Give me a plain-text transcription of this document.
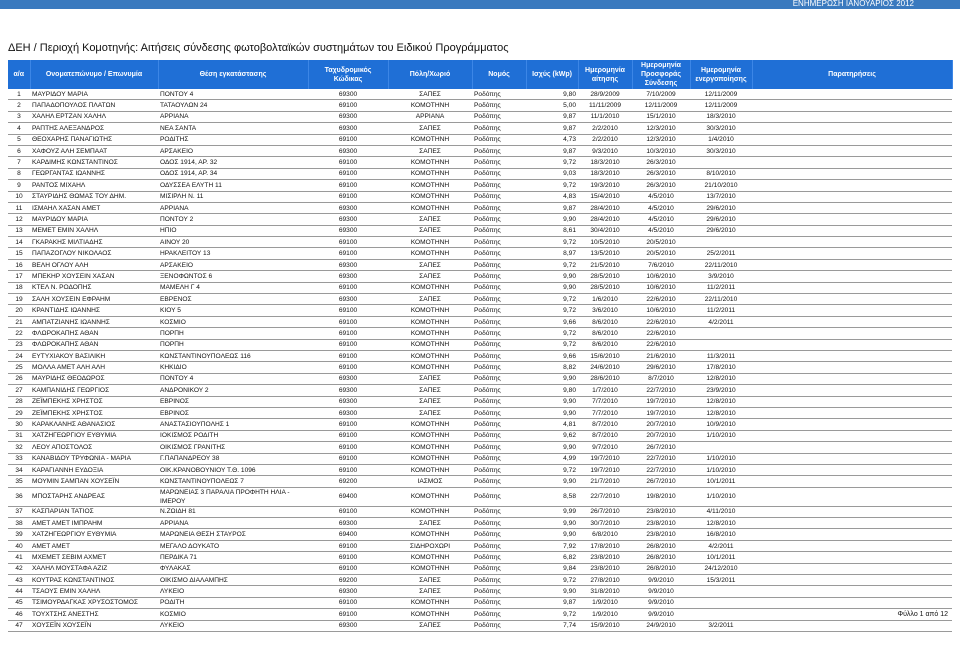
ΕΝΗΜΕΡΩΣΗ ΙΑΝΟΥΑΡΙΟΣ 2012
ΔΕΗ / Περιοχή Κομοτηνής: Αιτήσεις σύνδεσης φωτοβολταϊκών συστημάτων του Ειδικού Προγράμματος
α/α	Ονοματεπώνυμο / Επωνυμία	Θέση εγκατάστασης	Ταχυδρομικός Κώδικας	Πόλη/Χωριό	Νομός	Ισχύς (kWp)	Ημερομηνία αίτησης	Ημερομηνία Προσφοράς Σύνδεσης	Ημερομηνία ενεργοποίησης	Παρατηρήσεις
1	ΜΑΥΡΙΔΟΥ ΜΑΡΙΑ	ΠΟΝΤΟΥ 4	69300	ΣΑΠΕΣ	Ροδόπης	9,80	28/9/2009	7/10/2009	12/11/2009	
2	ΠΑΠΑΔΟΠΟΥΛΟΣ ΠΛΑΤΩΝ	ΤΑΤΑΟΥΛΩΝ 24	69100	ΚΟΜΟΤΗΝΗ	Ροδόπης	5,00	11/11/2009	12/11/2009	12/11/2009	
3	ΧΑΛΗΛ ΕΡΤΖΑΝ ΧΑΛΗΛ	ΑΡΡΙΑΝΑ	69300	ΑΡΡΙΑΝΑ	Ροδόπης	9,87	11/1/2010	15/1/2010	18/3/2010	
4	ΡΑΠΤΗΣ ΑΛΕΞΑΝΔΡΟΣ	ΝΕΑ ΣΑΝΤΑ	69300	ΣΑΠΕΣ	Ροδόπης	9,87	2/2/2010	12/3/2010	30/3/2010	
5	ΘΕΟΧΑΡΗΣ ΠΑΝΑΓΙΩΤΗΣ	ΡΟΔΙΤΗΣ	69100	ΚΟΜΟΤΗΝΗ	Ροδόπης	4,73	2/2/2010	12/3/2010	1/4/2010	
6	ΧΑΦΟΥΖ ΑΛΗ ΣΕΜΠΑΑΤ	ΑΡΣΑΚΕΙΟ	69300	ΣΑΠΕΣ	Ροδόπης	9,87	9/3/2010	10/3/2010	30/3/2010	
7	ΚΑΡΔΙΜΗΣ ΚΩΝΣΤΑΝΤΙΝΟΣ	ΟΔΟΣ 1914, ΑΡ. 32	69100	ΚΟΜΟΤΗΝΗ	Ροδόπης	9,72	18/3/2010	26/3/2010		
8	ΓΕΩΡΓΑΝΤΑΣ ΙΩΑΝΝΗΣ	ΟΔΟΣ 1914, ΑΡ. 34	69100	ΚΟΜΟΤΗΝΗ	Ροδόπης	9,03	18/3/2010	26/3/2010	8/10/2010	
9	ΡΑΝΤΟΣ ΜΙΧΑΗΛ	ΟΔΥΣΣΕΑ ΕΛΥΤΗ 11	69100	ΚΟΜΟΤΗΝΗ	Ροδόπης	9,72	19/3/2010	26/3/2010	21/10/2010	
10	ΣΤΑΥΡΙΔΗΣ ΘΩΜΑΣ ΤΟΥ ΔΗΜ.	ΜΙΣΙΡΛΗ Ν. 11	69100	ΚΟΜΟΤΗΝΗ	Ροδόπης	4,83	15/4/2010	4/5/2010	13/7/2010	
11	ΙΣΜΑΗΛ ΧΑΣΑΝ ΑΜΕΤ	ΑΡΡΙΑΝΑ	69300	ΚΟΜΟΤΗΝΗ	Ροδόπης	9,87	28/4/2010	4/5/2010	29/6/2010	
12	ΜΑΥΡΙΔΟΥ ΜΑΡΙΑ	ΠΟΝΤΟΥ 2	69300	ΣΑΠΕΣ	Ροδόπης	9,90	28/4/2010	4/5/2010	29/6/2010	
13	ΜΕΜΕΤ ΕΜΙΝ ΧΑΛΗΛ	ΗΠΙΟ	69300	ΣΑΠΕΣ	Ροδόπης	8,61	30/4/2010	4/5/2010	29/6/2010	
14	ΓΚΑΡΑΚΗΣ ΜΙΛΤΙΑΔΗΣ	ΑΙΝΟΥ 20	69100	ΚΟΜΟΤΗΝΗ	Ροδόπης	9,72	10/5/2010	20/5/2010		
15	ΠΑΠΑΖΟΓΛΟΥ ΝΙΚΟΛΑΟΣ	ΗΡΑΚΛΕΙΤΟΥ 13	69100	ΚΟΜΟΤΗΝΗ	Ροδόπης	8,97	13/5/2010	20/5/2010	25/2/2011	
16	ΒΕΛΗ ΟΓΛΟΥ ΑΛΗ	ΑΡΣΑΚΕΙΟ	69300	ΣΑΠΕΣ	Ροδόπης	9,72	21/5/2010	7/6/2010	22/11/2010	
17	ΜΠΕΚΗΡ ΧΟΥΣΕΙΝ ΧΑΣΑΝ	ΞΕΝΟΦΩΝΤΟΣ 6	69300	ΣΑΠΕΣ	Ροδόπης	9,90	28/5/2010	10/6/2010	3/9/2010	
18	ΚΤΕΛ Ν. ΡΟΔΟΠΗΣ	ΜΑΜΕΛΗ Γ 4	69100	ΚΟΜΟΤΗΝΗ	Ροδόπης	9,90	28/5/2010	10/6/2010	11/2/2011	
19	ΣΑΛΗ ΧΟΥΣΕΙΝ ΕΦΡΑΗΜ	ΕΒΡΕΝΟΣ	69300	ΣΑΠΕΣ	Ροδόπης	9,72	1/6/2010	22/6/2010	22/11/2010	
20	ΚΡΑΝΤΙΔΗΣ ΙΩΑΝΝΗΣ	ΚΙΟΥ 5	69100	ΚΟΜΟΤΗΝΗ	Ροδόπης	9,72	3/6/2010	10/6/2010	11/2/2011	
21	ΑΜΠΑΤΖΙΑΝΗΣ ΙΩΑΝΝΗΣ	ΚΟΣΜΙΟ	69100	ΚΟΜΟΤΗΝΗ	Ροδόπης	9,66	8/6/2010	22/6/2010	4/2/2011	
22	ΦΛΩΡΟΚΑΠΗΣ ΑΘΑΝ	ΠΟΡΠΗ	69100	ΚΟΜΟΤΗΝΗ	Ροδόπης	9,72	8/6/2010	22/6/2010		
23	ΦΛΩΡΟΚΑΠΗΣ ΑΘΑΝ	ΠΟΡΠΗ	69100	ΚΟΜΟΤΗΝΗ	Ροδόπης	9,72	8/6/2010	22/6/2010		
24	ΕΥΤΥΧΙΑΚΟΥ ΒΑΣΙΛΙΚΗ	ΚΩΝΣΤΑΝΤΙΝΟΥΠΟΛΕΩΣ 116	69100	ΚΟΜΟΤΗΝΗ	Ροδόπης	9,66	15/6/2010	21/6/2010	11/3/2011	
25	ΜΟΛΛΑ ΑΜΕΤ ΑΛΗ ΑΛΗ	ΚΗΚΙΔΙΟ	69100	ΚΟΜΟΤΗΝΗ	Ροδόπης	8,82	24/6/2010	29/6/2010	17/8/2010	
26	ΜΑΥΡΙΔΗΣ ΘΕΟΔΩΡΟΣ	ΠΟΝΤΟΥ 4	69300	ΣΑΠΕΣ	Ροδόπης	9,90	28/6/2010	8/7/2010	12/8/2010	
27	ΚΑΜΠΑΝΙΔΗΣ ΓΕΩΡΓΙΟΣ	ΑΝΔΡΟΝΙΚΟΥ 2	69300	ΣΑΠΕΣ	Ροδόπης	9,80	1/7/2010	22/7/2010	23/9/2010	
28	ΖΕΪΜΠΕΚΗΣ ΧΡΗΣΤΟΣ	ΕΒΡΙΝΟΣ	69300	ΣΑΠΕΣ	Ροδόπης	9,90	7/7/2010	19/7/2010	12/8/2010	
29	ΖΕΪΜΠΕΚΗΣ ΧΡΗΣΤΟΣ	ΕΒΡΙΝΟΣ	69300	ΣΑΠΕΣ	Ροδόπης	9,90	7/7/2010	19/7/2010	12/8/2010	
30	ΚΑΡΑΚΛΑΝΗΣ ΑΘΑΝΑΣΙΟΣ	ΑΝΑΣΤΑΣΙΟΥΠΟΛΗΣ 1	69100	ΚΟΜΟΤΗΝΗ	Ροδόπης	4,81	8/7/2010	20/7/2010	10/9/2010	
31	ΧΑΤΖΗΓΕΩΡΓΙΟΥ ΕΥΘΥΜΙΑ	ΙΟΚΙΣΜΟΣ ΡΟΔΙΤΗ	69100	ΚΟΜΟΤΗΝΗ	Ροδόπης	9,62	8/7/2010	20/7/2010	1/10/2010	
32	ΛΕΟΥ ΑΠΟΣΤΟΛΟΣ	ΟΙΚΙΣΜΟΣ ΓΡΑΝΙΤΗΣ	69100	ΚΟΜΟΤΗΝΗ	Ροδόπης	9,90	9/7/2010	26/7/2010		
33	ΚΑΝΑΒΙΔΟΥ ΤΡΥΦΩΝΙΑ - ΜΑΡΙΑ	Γ.ΠΑΠΑΝΔΡΕΟΥ 38	69100	ΚΟΜΟΤΗΝΗ	Ροδόπης	4,99	19/7/2010	22/7/2010	1/10/2010	
34	ΚΑΡΑΓΙΑΝΝΗ ΕΥΔΟΞΙΑ	ΟΙΚ.ΚΡΑΝΟΒΟΥΝΙΟΥ Τ.Θ. 1096	69100	ΚΟΜΟΤΗΝΗ	Ροδόπης	9,72	19/7/2010	22/7/2010	1/10/2010	
35	ΜΟΥΜΙΝ ΣΑΜΠΑΝ ΧΟΥΣΕΪΝ	ΚΩΝΣΤΑΝΤΙΝΟΥΠΟΛΕΩΣ 7	69200	ΙΑΣΜΟΣ	Ροδόπης	9,90	21/7/2010	26/7/2010	10/1/2011	
36	ΜΠΟΣΤΑΡΗΣ ΑΝΔΡΕΑΣ	ΜΑΡΩΝΕΙΑΣ 3 ΠΑΡΑΛΙΑ ΠΡΟΦΗΤΗ ΗΛΙΑ - ΙΜΕΡΟΥ	69400	ΚΟΜΟΤΗΝΗ	Ροδόπης	8,58	22/7/2010	19/8/2010	1/10/2010	
37	ΚΑΣΠΑΡΙΑΝ ΤΑΤΙΟΣ	Ν.ΖΩΙΔΗ 81	69100	ΚΟΜΟΤΗΝΗ	Ροδόπης	9,99	26/7/2010	23/8/2010	4/11/2010	
38	ΑΜΕΤ ΑΜΕΤ ΙΜΠΡΑΗΜ	ΑΡΡΙΑΝΑ	69300	ΣΑΠΕΣ	Ροδόπης	9,90	30/7/2010	23/8/2010	12/8/2010	
39	ΧΑΤΖΗΓΕΩΡΓΙΟΥ ΕΥΘΥΜΙΑ	ΜΑΡΩΝΕΙΑ ΘΕΣΗ ΣΤΑΥΡΟΣ	69400	ΚΟΜΟΤΗΝΗ	Ροδόπης	9,90	6/8/2010	23/8/2010	16/8/2010	
40	ΑΜΕΤ ΑΜΕΤ	ΜΕΓΑΛΟ ΔΟΥΚΑΤΟ	69100	ΣΙΔΗΡΟΧΩΡΙ	Ροδόπης	7,92	17/8/2010	26/8/2010	4/2/2011	
41	ΜΧΕΜΕΤ ΣΕΒΙΜ ΑΧΜΕΤ	ΠΕΡΔΙΚΑ 71	69100	ΚΟΜΟΤΗΝΗ	Ροδόπης	6,82	23/8/2010	26/8/2010	10/1/2011	
42	ΧΑΛΗΛ ΜΟΥΣΤΑΦΑ ΑΖΙΖ	ΦΥΛΑΚΑΣ	69100	ΚΟΜΟΤΗΝΗ	Ροδόπης	9,84	23/8/2010	26/8/2010	24/12/2010	
43	ΚΟΥΤΡΑΣ ΚΩΝΣΤΑΝΤΙΝΟΣ	ΟΙΚΙΣΜΟ ΔΙΑΛΑΜΠΗΣ	69200	ΣΑΠΕΣ	Ροδόπης	9,72	27/8/2010	9/9/2010	15/3/2011	
44	ΤΣΑΟΥΣ ΕΜΙΝ ΧΑΛΗΛ	ΛΥΚΕΙΟ	69300	ΣΑΠΕΣ	Ροδόπης	9,90	31/8/2010	9/9/2010		
45	ΤΣΙΜΟΥΡΔΑΓΚΑΣ ΧΡΥΣΟΣΤΟΜΟΣ	ΡΟΔΙΤΗ	69100	ΚΟΜΟΤΗΝΗ	Ροδόπης	9,87	1/9/2010	9/9/2010		
46	ΤΟΥΧΤΣΗΣ ΑΝΕΣΤΗΣ	ΚΟΣΜΙΟ	69100	ΚΟΜΟΤΗΝΗ	Ροδόπης	9,72	1/9/2010	9/9/2010		
47	ΧΟΥΣΕΪΝ ΧΟΥΣΕΪΝ	ΛΥΚΕΙΟ	69300	ΣΑΠΕΣ	Ροδόπης	7,74	15/9/2010	24/9/2010	3/2/2011	
Φύλλο 1 από 12
